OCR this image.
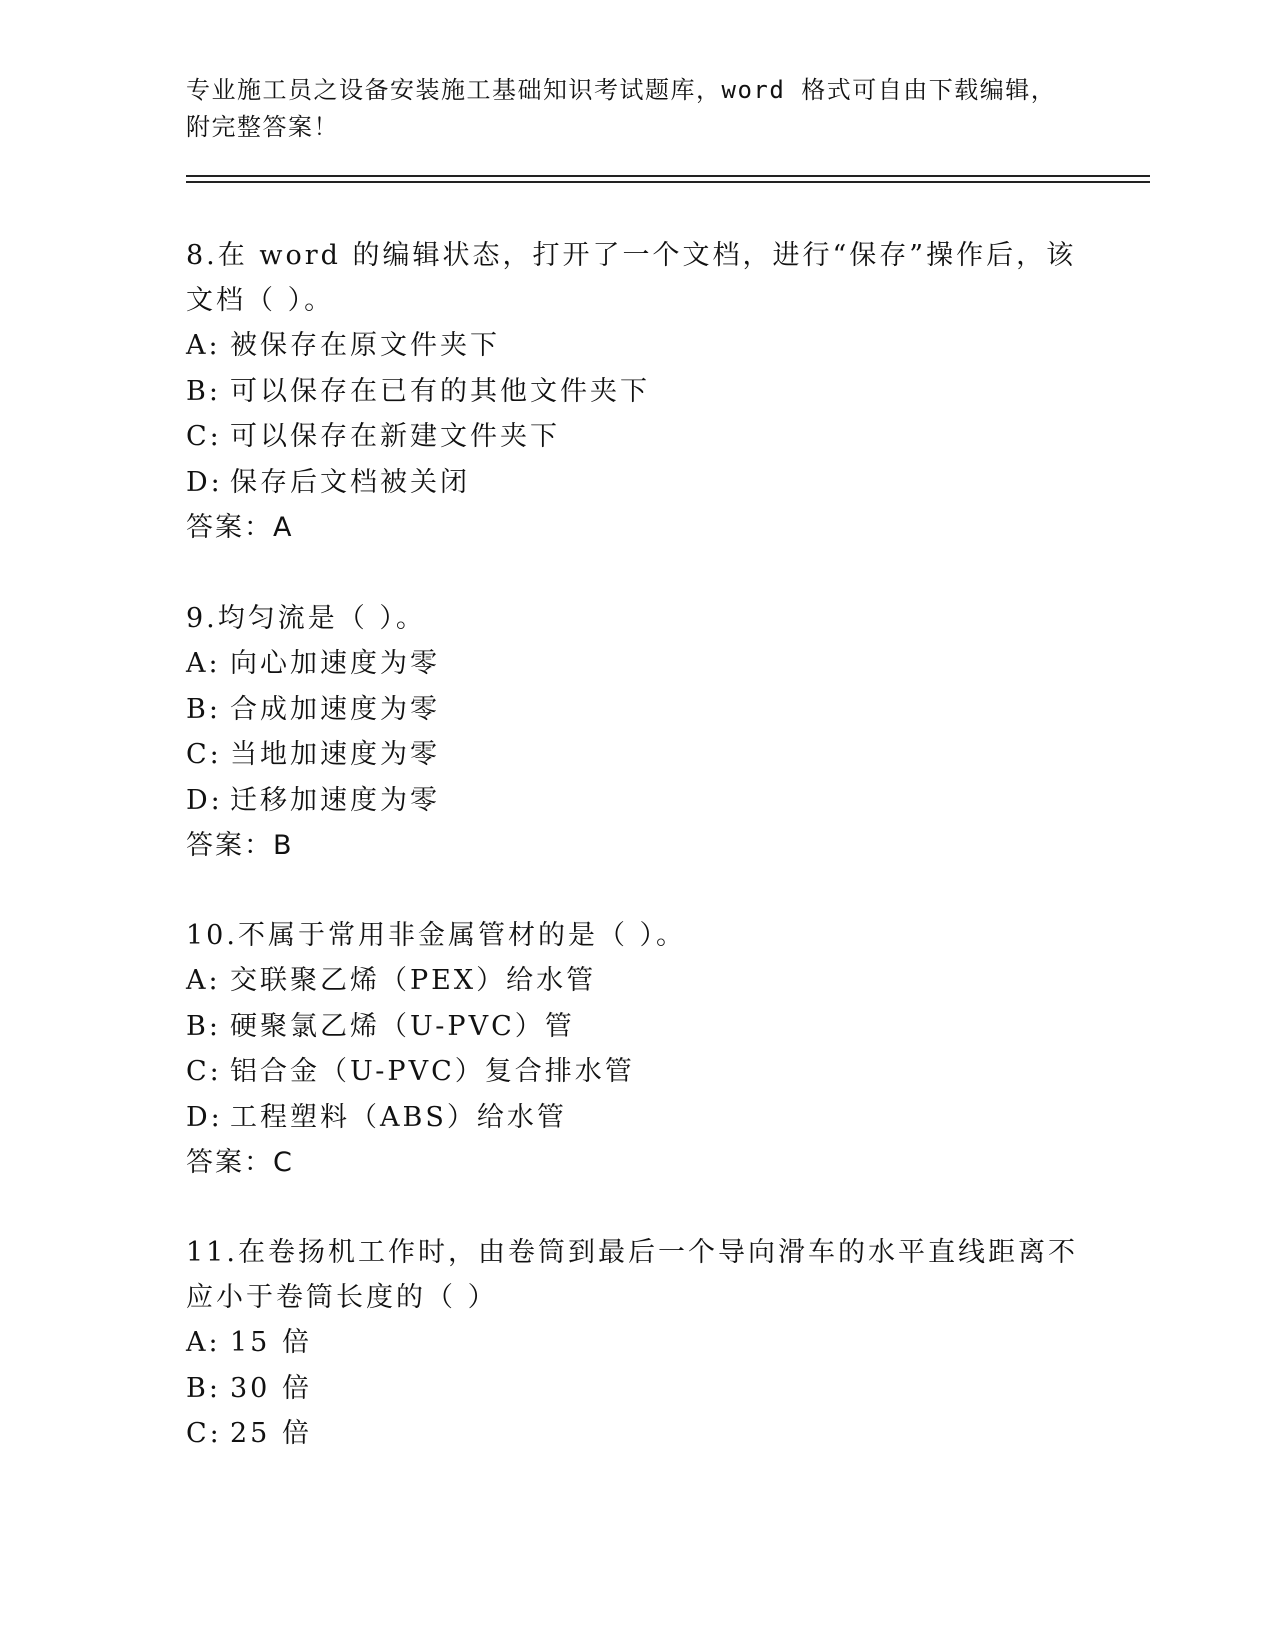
专业施工员之设备安装施工基础知识考试题库，word 格式可自由下载编辑，附完整答案！

8.在 word 的编辑状态，打开了一个文档，进行“保存”操作后，该文档（ ）。

A: 被保存在原文件夹下

B: 可以保存在已有的其他文件夹下

C: 可以保存在新建文件夹下

D: 保存后文档被关闭

答案：A

9.均匀流是（ ）。

A: 向心加速度为零

B: 合成加速度为零

C: 当地加速度为零

D: 迁移加速度为零

答案：B

10.不属于常用非金属管材的是（ ）。

A: 交联聚乙烯（PEX）给水管

B: 硬聚氯乙烯（U-PVC）管

C: 铝合金（U-PVC）复合排水管

D: 工程塑料（ABS）给水管

答案：C

11.在卷扬机工作时，由卷筒到最后一个导向滑车的水平直线距离不应小于卷筒长度的（ ）

A: 15 倍

B: 30 倍

C: 25 倍
